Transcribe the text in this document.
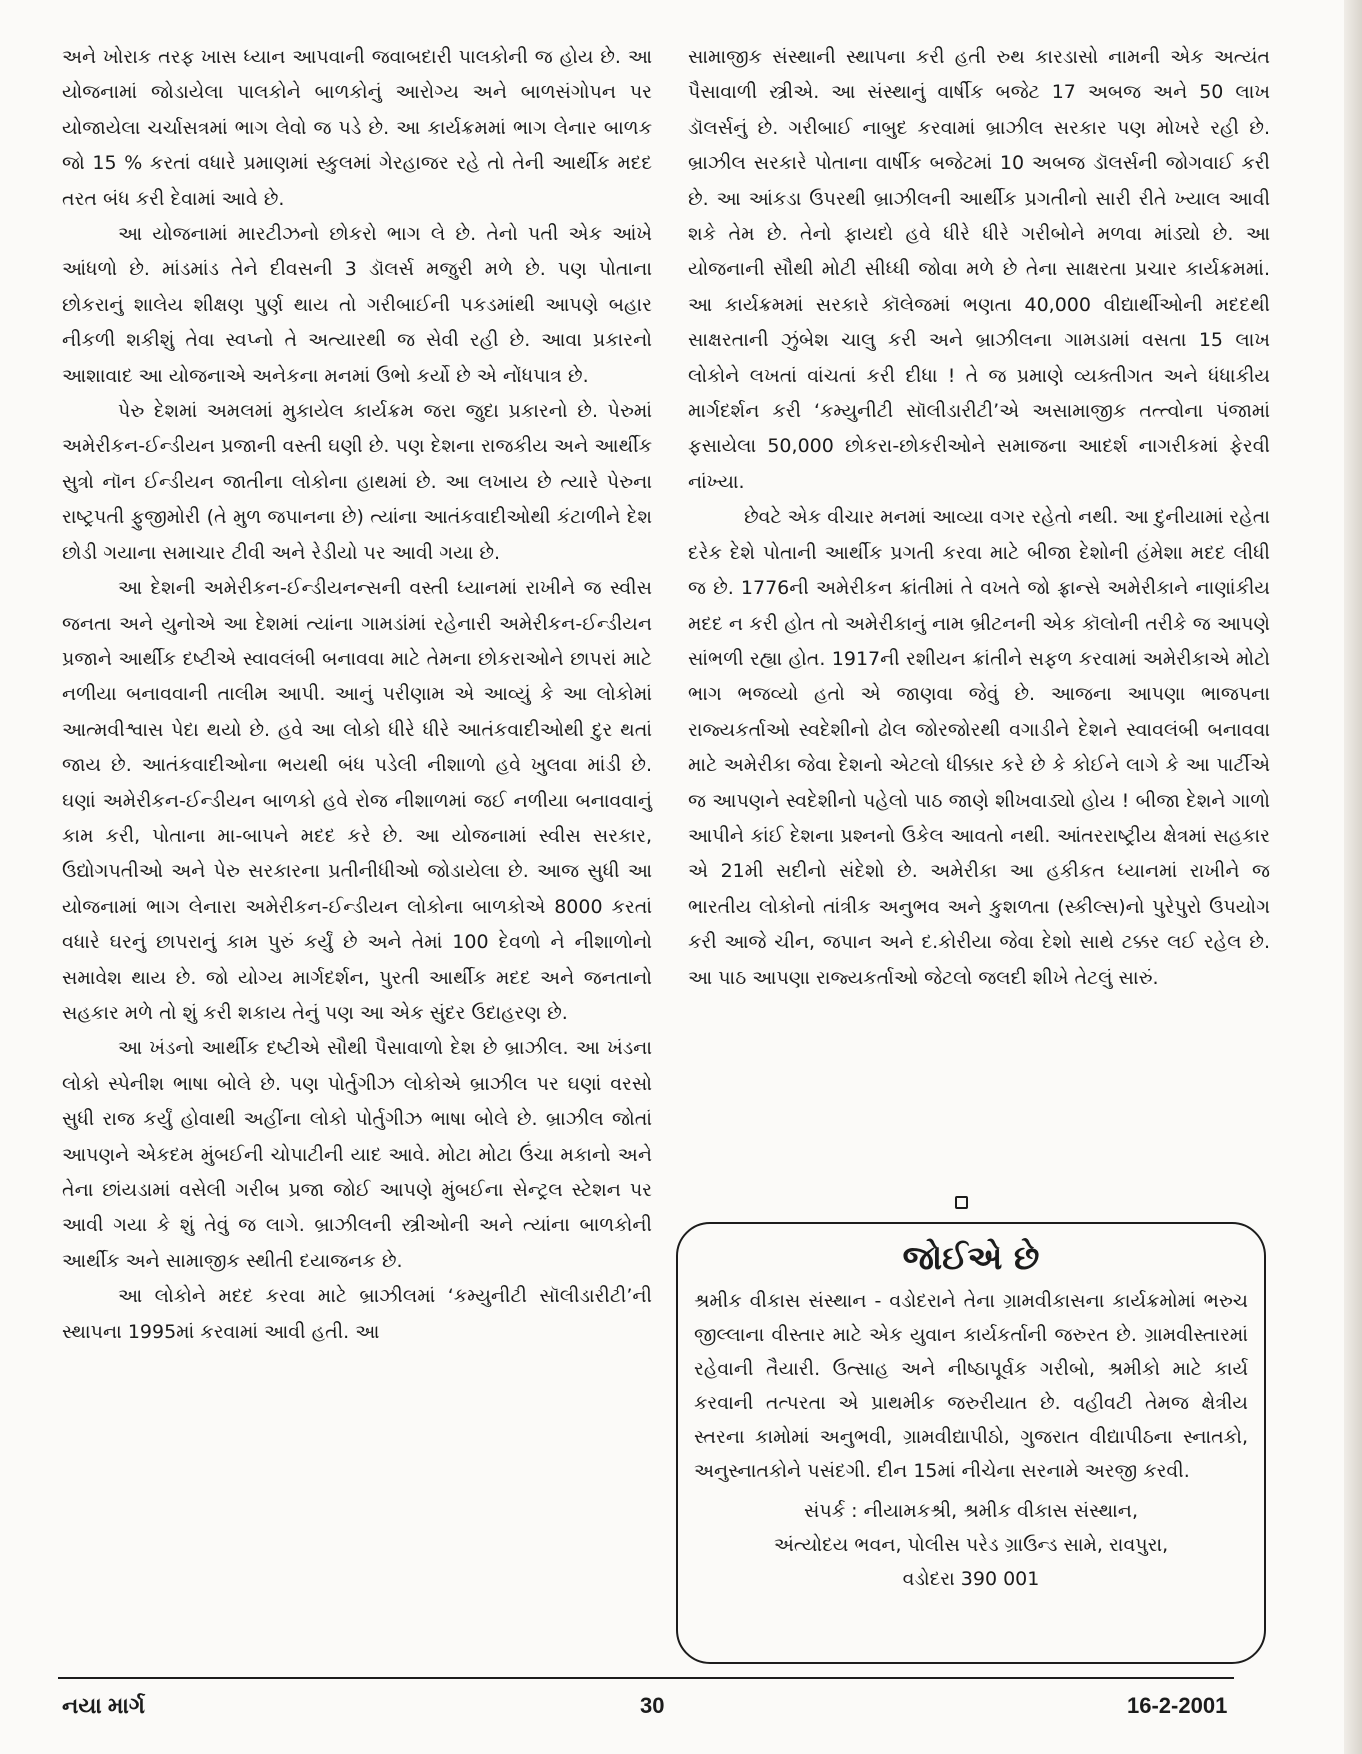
અને ખોરાક તરફ ખાસ ધ્યાન આપવાની જવાબદારી પાલકોની જ હોય છે. આ યોજનામાં જોડાયેલા પાલકોને બાળકોનું આરોગ્ય અને બાળસંગોપન પર યોજાયેલા ચર્ચાસત્રમાં ભાગ લેવો જ પડે છે. આ કાર્યક્રમમાં ભાગ લેનાર બાળક જો 15 % કરતાં વધારે પ્રમાણમાં સ્કુલમાં ગેરહાજર રહે તો તેની આર્થીક મદદ તરત બંધ કરી દેવામાં આવે છે.

આ યોજનામાં મારટીઝનો છોકરો ભાગ લે છે. તેનો પતી એક આંખે આંધળો છે. માંડમાંડ તેને દીવસની 3 ડૉલર્સ મજુરી મળે છે. પણ પોતાના છોકરાનું શાલેય શીક્ષણ પુર્ણ થાય તો ગરીબાઈની પકડમાંથી આપણે બહાર નીકળી શકીશું તેવા સ્વપ્નો તે અત્યારથી જ સેવી રહી છે. આવા પ્રકારનો આશાવાદ આ યોજનાએ અનેકના મનમાં ઉભો કર્યો છે એ નોંધપાત્ર છે.

પેરુ દેશમાં અમલમાં મુકાયેલ કાર્યક્રમ જરા જુદા પ્રકારનો છે. પેરુમાં અમેરીકન-ઈન્ડીયન પ્રજાની વસ્તી ઘણી છે. પણ દેશના રાજકીય અને આર્થીક સુત્રો નૉન ઈન્ડીયન જાતીના લોકોના હાથમાં છે. આ લખાય છે ત્યારે પેરુના રાષ્ટ્રપતી ફુજીમોરી (તે મુળ જપાનના છે) ત્યાંના આતંકવાદીઓથી કંટાળીને દેશ છોડી ગયાના સમાચાર ટીવી અને રેડીયો પર આવી ગયા છે.

આ દેશની અમેરીકન-ઈન્ડીયનન્સની વસ્તી ધ્યાનમાં રાખીને જ સ્વીસ જનતા અને યુનોએ આ દેશમાં ત્યાંના ગામડાંમાં રહેનારી અમેરીકન-ઈન્ડીયન પ્રજાને આર્થીક દષ્ટીએ સ્વાવલંબી બનાવવા માટે તેમના છોકરાઓને છાપરાં માટે નળીયા બનાવવાની તાલીમ આપી. આનું પરીણામ એ આવ્યું કે આ લોકોમાં આત્મવીશ્વાસ પેદા થયો છે. હવે આ લોકો ધીરે ધીરે આતંકવાદીઓથી દુર થતાં જાય છે. આતંકવાદીઓના ભયથી બંધ પડેલી નીશાળો હવે ખુલવા માંડી છે. ઘણાં અમેરીકન-ઈન્ડીયન બાળકો હવે રોજ નીશાળમાં જઈ નળીયા બનાવવાનું કામ કરી, પોતાના મા-બાપને મદદ કરે છે. આ યોજનામાં સ્વીસ સરકાર, ઉદ્યોગપતીઓ અને પેરુ સરકારના પ્રતીનીધીઓ જોડાયેલા છે. આજ સુધી આ યોજનામાં ભાગ લેનારા અમેરીકન-ઈન્ડીયન લોકોના બાળકોએ 8000 કરતાં વધારે ઘરનું છાપરાનું કામ પુરું કર્યું છે અને તેમાં 100 દેવળો ને નીશાળોનો સમાવેશ થાય છે. જો યોગ્ય માર્ગદર્શન, પુરતી આર્થીક મદદ અને જનતાનો સહકાર મળે તો શું કરી શકાય તેનું પણ આ એક સુંદર ઉદાહરણ છે.

આ ખંડનો આર્થીક દષ્ટીએ સૌથી પૈસાવાળો દેશ છે બ્રાઝીલ. આ ખંડના લોકો સ્પેનીશ ભાષા બોલે છે. પણ પોર્તુગીઝ લોકોએ બ્રાઝીલ પર ઘણાં વરસો સુધી રાજ કર્યું હોવાથી અહીંના લોકો પોર્તુગીઝ ભાષા બોલે છે. બ્રાઝીલ જોતાં આપણને એકદમ મુંબઈની ચોપાટીની યાદ આવે. મોટા મોટા ઉંચા મકાનો અને તેના છાંયડામાં વસેલી ગરીબ પ્રજા જોઈ આપણે મુંબઈના સેન્ટ્રલ સ્ટેશન પર આવી ગયા કે શું તેવું જ લાગે. બ્રાઝીલની સ્ત્રીઓની અને ત્યાંના બાળકોની આર્થીક અને સામાજીક સ્થીતી દયાજનક છે.

આ લોકોને મદદ કરવા માટે બ્રાઝીલમાં ‘કમ્યુનીટી સૉલીડારીટી’ની સ્થાપના 1995માં કરવામાં આવી હતી. આ

સામાજીક સંસ્થાની સ્થાપના કરી હતી રુથ કારડાસો નામની એક અત્યંત પૈસાવાળી સ્ત્રીએ. આ સંસ્થાનું વાર્ષીક બજેટ 17 અબજ અને 50 લાખ ડૉલર્સનું છે. ગરીબાઈ નાબુદ કરવામાં બ્રાઝીલ સરકાર પણ મોખરે રહી છે. બ્રાઝીલ સરકારે પોતાના વાર્ષીક બજેટમાં 10 અબજ ડૉલર્સની જોગવાઈ કરી છે. આ આંકડા ઉપરથી બ્રાઝીલની આર્થીક પ્રગતીનો સારી રીતે ખ્યાલ આવી શકે તેમ છે. તેનો ફાયદો હવે ધીરે ધીરે ગરીબોને મળવા માંડ્યો છે. આ યોજનાની સૌથી મોટી સીધ્ધી જોવા મળે છે તેના સાક્ષરતા પ્રચાર કાર્યક્રમમાં. આ કાર્યક્રમમાં સરકારે કૉલેજમાં ભણતા 40,000 વીદ્યાર્થીઓની મદદથી સાક્ષરતાની ઝુંબેશ ચાલુ કરી અને બ્રાઝીલના ગામડામાં વસતા 15 લાખ લોકોને લખતાં વાંચતાં કરી દીધા ! તે જ પ્રમાણે વ્યક્તીગત અને ધંધાકીય માર્ગદર્શન કરી ‘કમ્યુનીટી સૉલીડારીટી’એ અસામાજીક તત્ત્વોના પંજામાં ફસાયેલા 50,000 છોકરા-છોકરીઓને સમાજના આદર્શ નાગરીકમાં ફેરવી નાંખ્યા.

છેવટે એક વીચાર મનમાં આવ્યા વગર રહેતો નથી. આ દુનીયામાં રહેતા દરેક દેશે પોતાની આર્થીક પ્રગતી કરવા માટે બીજા દેશોની હંમેશા મદદ લીધી જ છે. 1776ની અમેરીકન ક્રાંતીમાં તે વખતે જો ફ્રાન્સે અમેરીકાને નાણાંકીય મદદ ન કરી હોત તો અમેરીકાનું નામ બ્રીટનની એક કૉલોની તરીકે જ આપણે સાંભળી રહ્યા હોત. 1917ની રશીયન ક્રાંતીને સફળ કરવામાં અમેરીકાએ મોટો ભાગ ભજવ્યો હતો એ જાણવા જેવું છે. આજના આપણા ભાજપના રાજ્યકર્તાઓ સ્વદેશીનો ઢોલ જોરજોરથી વગાડીને દેશને સ્વાવલંબી બનાવવા માટે અમેરીકા જેવા દેશનો એટલો ધીક્કાર કરે છે કે કોઈને લાગે કે આ પાર્ટીએ જ આપણને સ્વદેશીનો પહેલો પાઠ જાણે શીખવાડ્યો હોય ! બીજા દેશને ગાળો આપીને કાંઈ દેશના પ્રશ્નનો ઉકેલ આવતો નથી. આંતરરાષ્ટ્રીય ક્ષેત્રમાં સહકાર એ 21મી સદીનો સંદેશો છે. અમેરીકા આ હકીકત ધ્યાનમાં રાખીને જ ભારતીય લોકોનો તાંત્રીક અનુભવ અને કુશળતા (સ્કીલ્સ)નો પુરેપુરો ઉપયોગ કરી આજે ચીન, જપાન અને દ.કોરીયા જેવા દેશો સાથે ટક્કર લઈ રહેલ છે. આ પાઠ આપણા રાજ્યકર્તાઓ જેટલો જલદી શીખે તેટલું સારું.

જોઈએ છે

શ્રમીક વીકાસ સંસ્થાન - વડોદરાને તેના ગ્રામવીકાસના કાર્યક્રમોમાં ભરુચ જીલ્લાના વીસ્તાર માટે એક યુવાન કાર્યકર્તાની જરુરત છે. ગ્રામવીસ્તારમાં રહેવાની તૈયારી. ઉત્સાહ અને નીષ્ઠાપૂર્વક ગરીબો, શ્રમીકો માટે કાર્ય કરવાની તત્પરતા એ પ્રાથમીક જરુરીયાત છે. વહીવટી તેમજ ક્ષેત્રીય સ્તરના કામોમાં અનુભવી, ગ્રામવીદ્યાપીઠો, ગુજરાત વીદ્યાપીઠના સ્નાતકો, અનુસ્નાતકોને પસંદગી. દીન 15માં નીચેના સરનામે અરજી કરવી.

સંપર્ક : નીયામકશ્રી, શ્રમીક વીકાસ સંસ્થાન,
અંત્યોદય ભવન, પોલીસ પરેડ ગ્રાઉન્ડ સામે, રાવપુરા,
વડોદરા 390 001
નયા માર્ગ	30	16-2-2001
